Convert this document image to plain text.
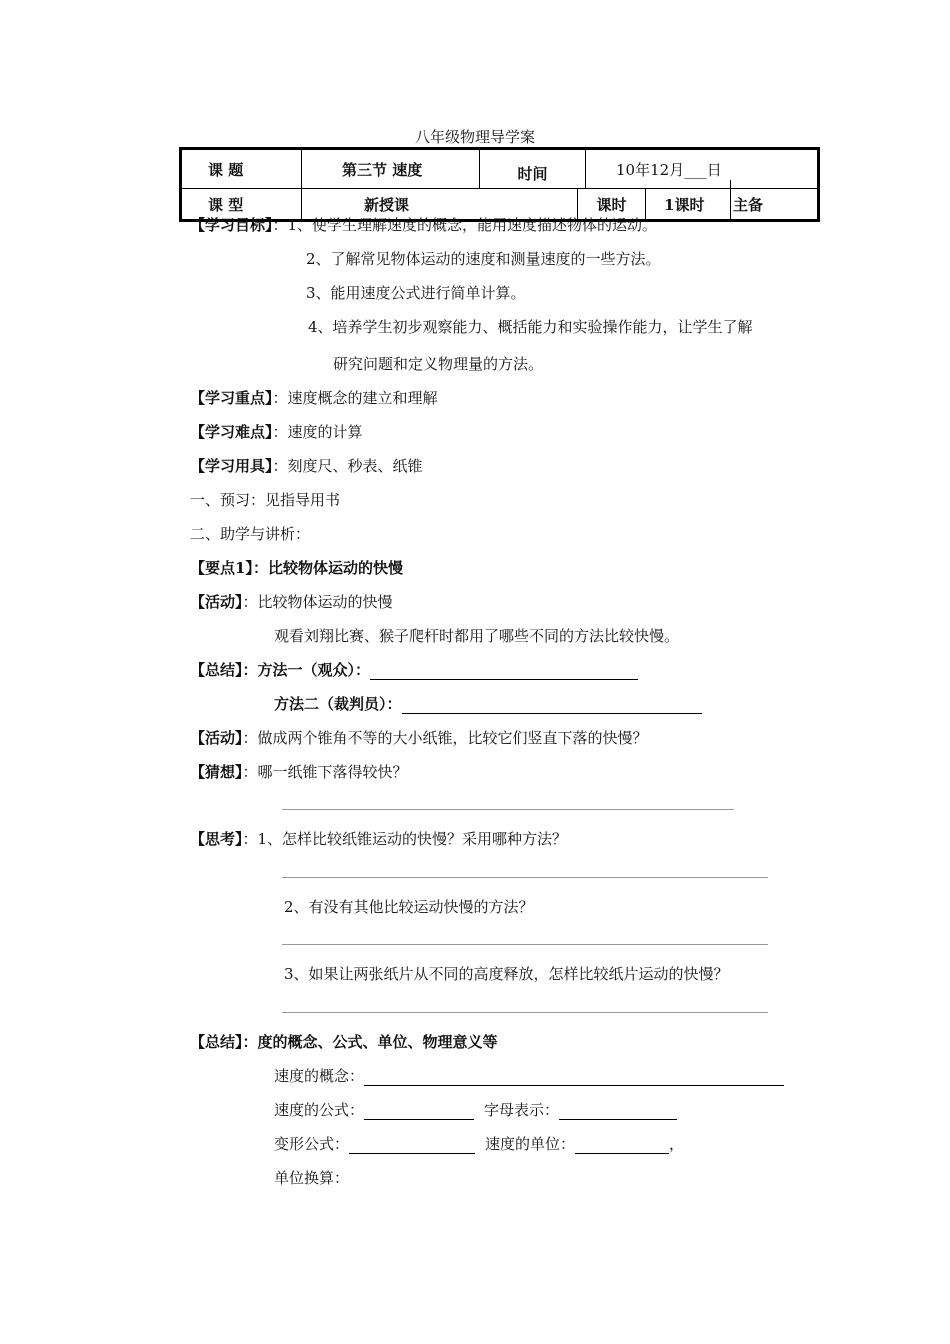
八年级物理导学案
课 题	第三节 速度	时间		10年12月___日		
课 型	新授课		课时		1课时	主备
【学习目标】：1、使学生理解速度的概念，能用速度描述物体的运动。
2、了解常见物体运动的速度和测量速度的一些方法。
3、能用速度公式进行简单计算。
4、培养学生初步观察能力、概括能力和实验操作能力，让学生了解
研究问题和定义物理量的方法。
【学习重点】：速度概念的建立和理解
【学习难点】：速度的计算
【学习用具】：刻度尺、秒表、纸锥
一、预习：见指导用书
二、助学与讲析：
【要点1】：比较物体运动的快慢
【活动】：比较物体运动的快慢
观看刘翔比赛、猴子爬杆时都用了哪些不同的方法比较快慢。
【总结】：方法一（观众）：
方法二（裁判员）：
【活动】：做成两个锥角不等的大小纸锥，比较它们竖直下落的快慢？
【猜想】：哪一纸锥下落得较快？
【思考】：1、怎样比较纸锥运动的快慢？采用哪种方法？
2、有没有其他比较运动快慢的方法？
3、如果让两张纸片从不同的高度释放，怎样比较纸片运动的快慢？
【总结】：度的概念、公式、单位、物理意义等
速度的概念：
速度的公式：	字母表示：
变形公式：	速度的单位：	，
单位换算：
